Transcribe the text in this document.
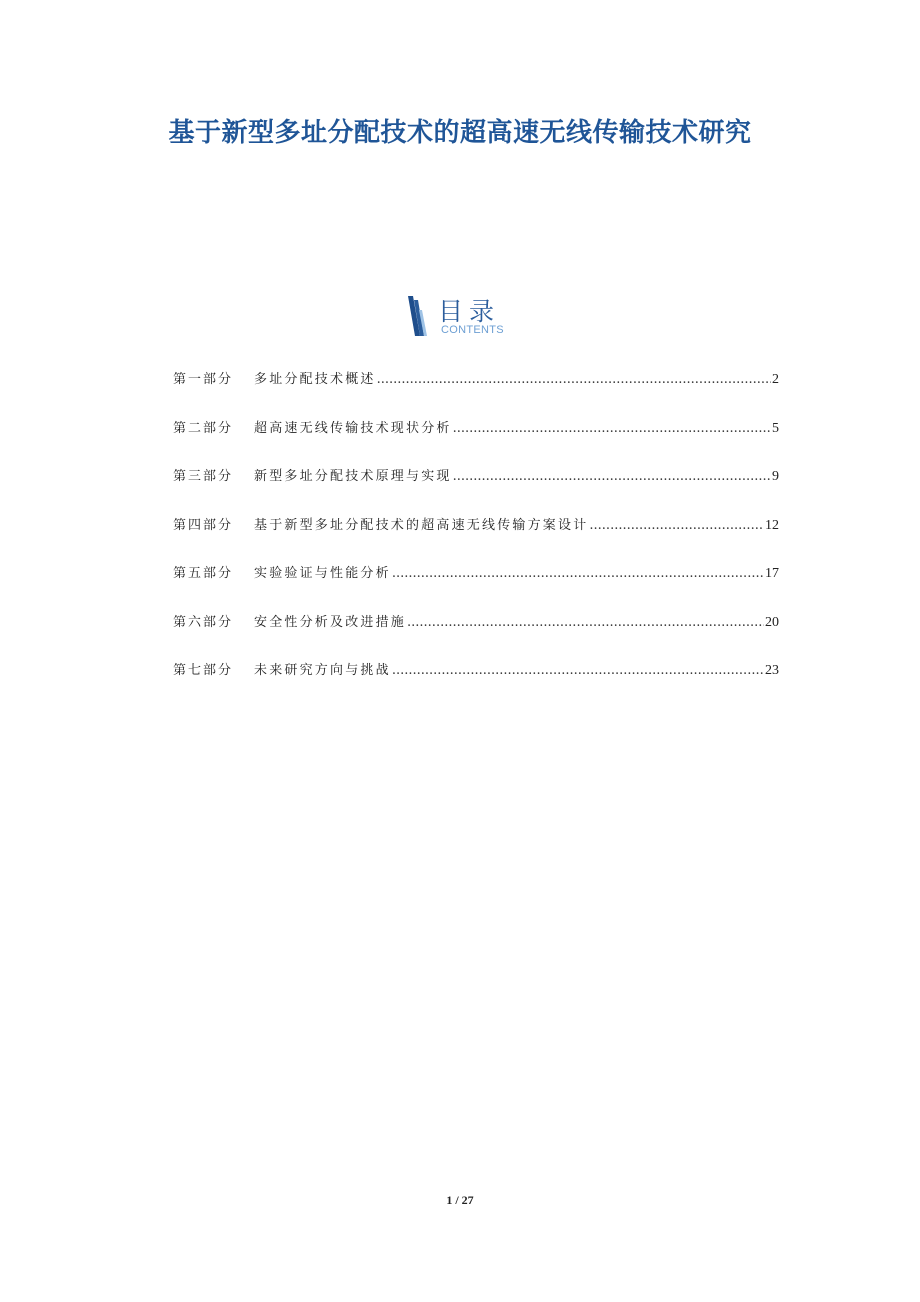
基于新型多址分配技术的超高速无线传输技术研究
目录
CONTENTS
第一部分	多址分配技术概述 .....	2
第二部分	超高速无线传输技术现状分析 .....	5
第三部分	新型多址分配技术原理与实现 .....	9
第四部分	基于新型多址分配技术的超高速无线传输方案设计 .....	12
第五部分	实验验证与性能分析 .....	17
第六部分	安全性分析及改进措施 .....	20
第七部分	未来研究方向与挑战 .....	23
1 / 27
